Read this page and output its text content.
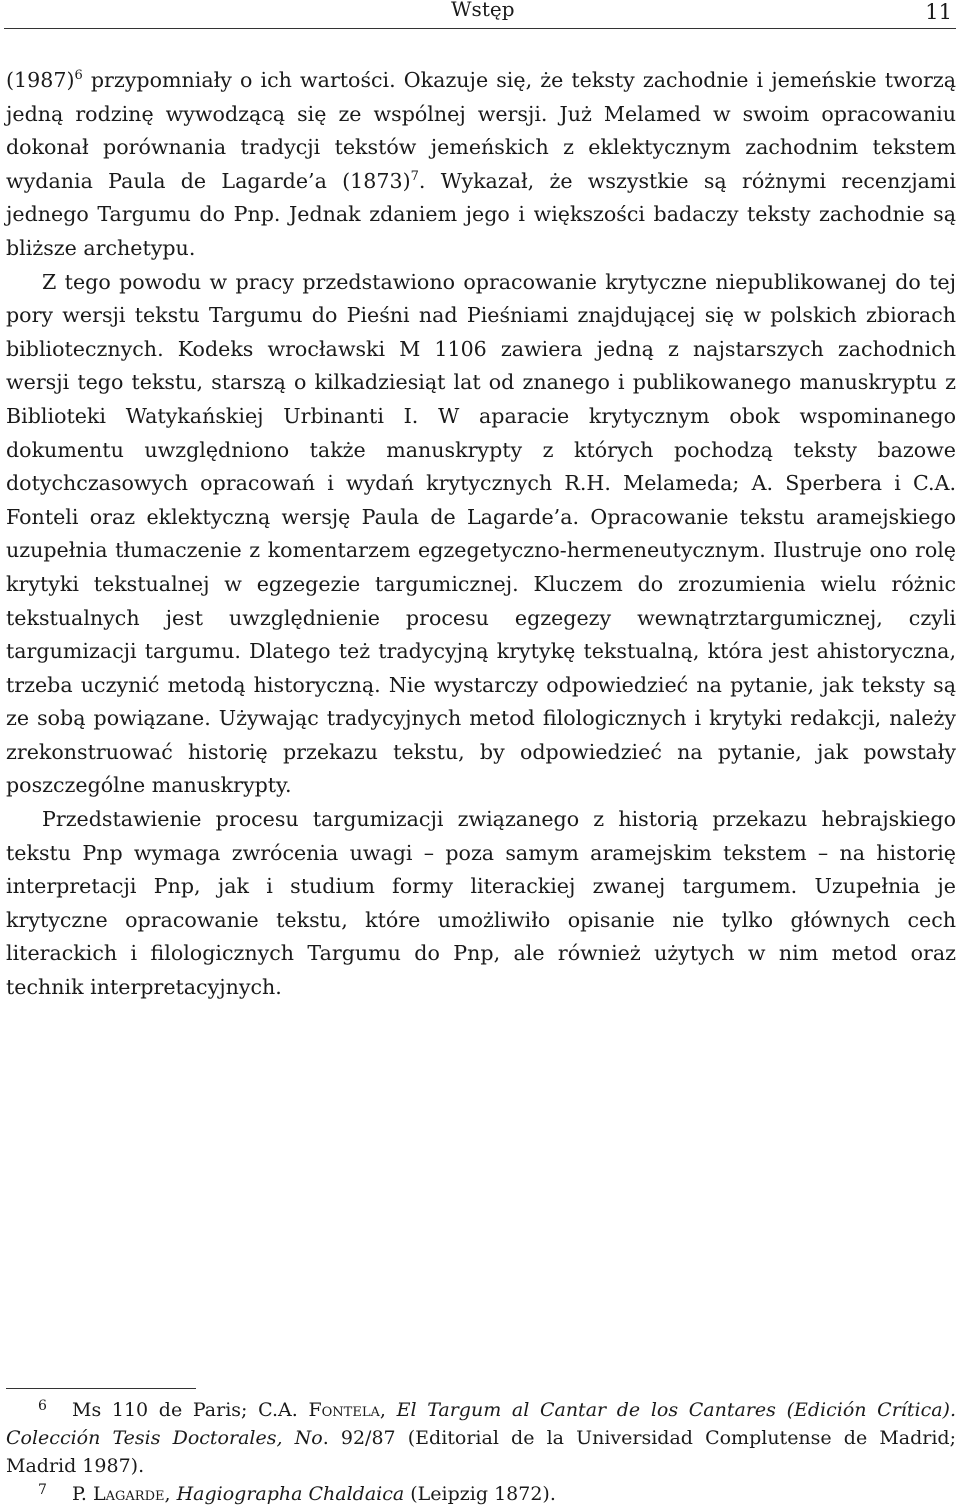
Wstęp	11

$(1987)^6$ przypomniały o ich wartości. Okazuje się, że teksty zachodnie i jemeńskie tworzą jedną rodzinę wywodzącą się ze wspólnej wersji. Już Melamed w swoim opracowaniu dokonał porównania tradycji tekstów jemeńskich z eklektycznym zachodnim tekstem wydania Paula de Lagarde’a $(1873)^7$. Wykazał, że wszystkie są różnymi recenzjami jednego Targumu do Pnp. Jednak zdaniem jego i większości badaczy teksty zachodnie są bliższe archetypu.

Z tego powodu w pracy przedstawiono opracowanie krytyczne niepublikowanej do tej pory wersji tekstu Targumu do Pieśni nad Pieśniami znajdującej się w polskich zbiorach bibliotecznych. Kodeks wrocławski M 1106 zawiera jedną z najstarszych zachodnich wersji tego tekstu, starszą o kilkadziesiąt lat od znanego i publikowanego manuskryptu z Biblioteki Watykańskiej Urbinanti I. W aparacie krytycznym obok wspominanego dokumentu uwzględniono także manuskrypty z których pochodzą teksty bazowe dotychczasowych opracowań i wydań krytycznych R.H. Melameda; A. Sperbera i C.A. Fonteli oraz eklektyczną wersję Paula de Lagarde’a. Opracowanie tekstu aramejskiego uzupełnia tłumaczenie z komentarzem egzegetyczno-hermeneutycznym. Ilustruje ono rolę krytyki tekstualnej w egzegezie targumicznej. Kluczem do zrozumienia wielu różnic tekstualnych jest uwzględnienie procesu egzegezy wewnątrztargumicznej, czyli targumizacji targumu. Dlatego też tradycyjną krytykę tekstualną, która jest ahistoryczna, trzeba uczynić metodą historyczną. Nie wystarczy odpowiedzieć na pytanie, jak teksty są ze sobą powiązane. Używając tradycyjnych metod filologicznych i krytyki redakcji, należy zrekonstruować historię przekazu tekstu, by odpowiedzieć na pytanie, jak powstały poszczególne manuskrypty.

Przedstawienie procesu targumizacji związanego z historią przekazu hebrajskiego tekstu Pnp wymaga zwrócenia uwagi – poza samym aramejskim tekstem – na historię interpretacji Pnp, jak i studium formy literackiej zwanej targumem. Uzupełnia je krytyczne opracowanie tekstu, które umożliwiło opisanie nie tylko głównych cech literackich i filologicznych Targumu do Pnp, ale również użytych w nim metod oraz technik interpretacyjnych.

6 Ms 110 de Paris; C.A. Fontela, El Targum al Cantar de los Cantares (Edición Crítica). Colección Tesis Doctorales, No. 92/87 (Editorial de la Universidad Complutense de Madrid; Madrid 1987).

7 P. Lagarde, Hagiographa Chaldaica (Leipzig 1872).
